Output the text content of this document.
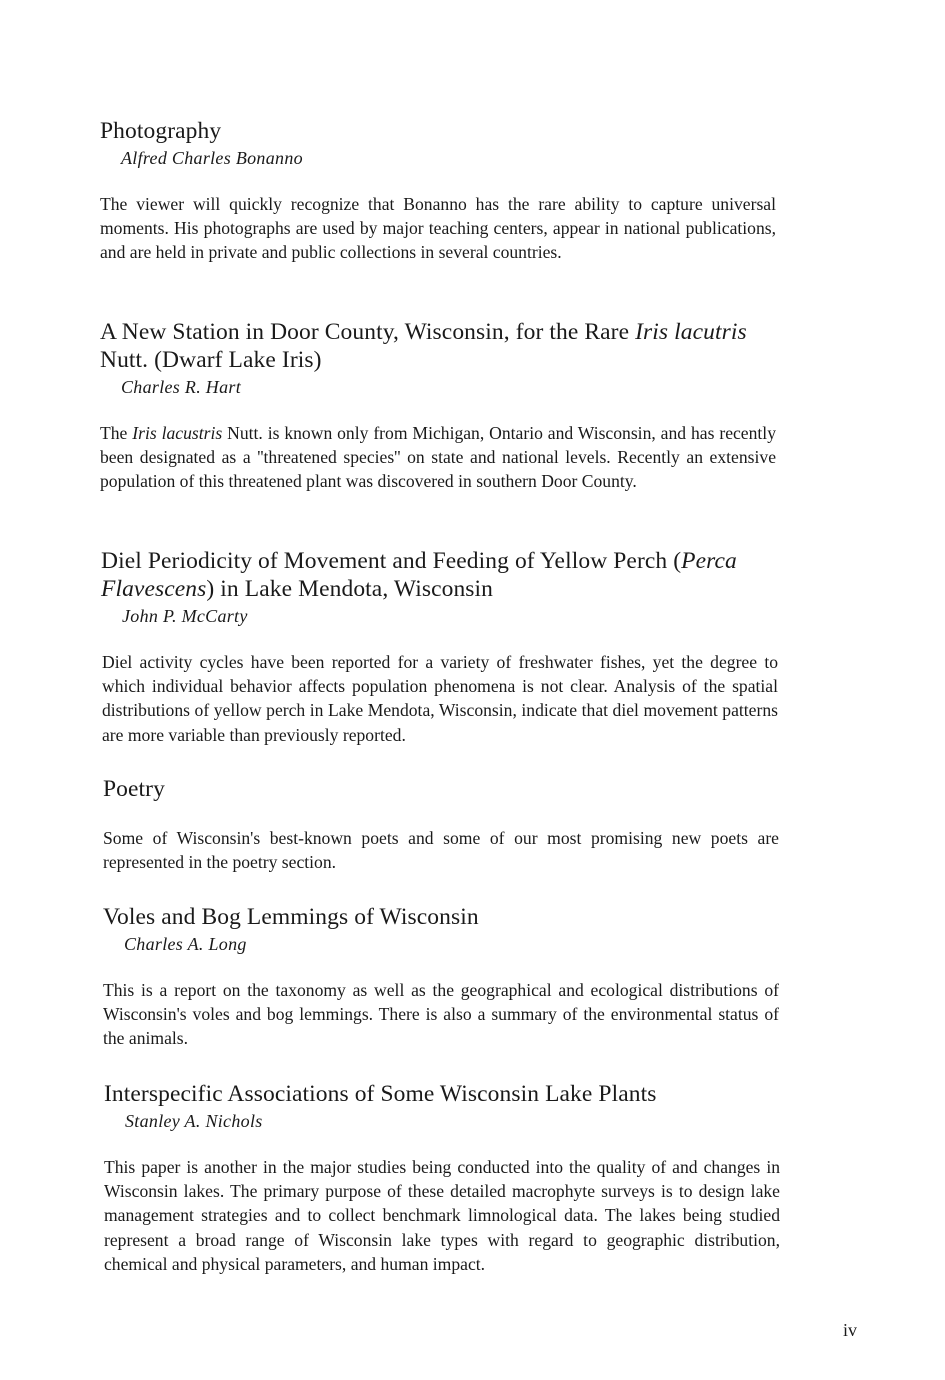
Photography
Alfred Charles Bonanno

The viewer will quickly recognize that Bonanno has the rare ability to capture universal moments. His photographs are used by major teaching centers, appear in national publications, and are held in private and public collections in several countries.

A New Station in Door County, Wisconsin, for the Rare Iris lacutris Nutt. (Dwarf Lake Iris)
Charles R. Hart

The Iris lacustris Nutt. is known only from Michigan, Ontario and Wisconsin, and has recently been designated as a ''threatened species'' on state and national levels. Recently an extensive population of this threatened plant was discovered in southern Door County.

Diel Periodicity of Movement and Feeding of Yellow Perch (Perca Flavescens) in Lake Mendota, Wisconsin
John P. McCarty

Diel activity cycles have been reported for a variety of freshwater fishes, yet the degree to which individual behavior affects population phenomena is not clear. Analysis of the spatial distributions of yellow perch in Lake Mendota, Wisconsin, indicate that diel movement patterns are more variable than previously reported.

Poetry

Some of Wisconsin's best-known poets and some of our most promising new poets are represented in the poetry section.

Voles and Bog Lemmings of Wisconsin
Charles A. Long

This is a report on the taxonomy as well as the geographical and ecological distributions of Wisconsin's voles and bog lemmings. There is also a summary of the environmental status of the animals.

Interspecific Associations of Some Wisconsin Lake Plants
Stanley A. Nichols

This paper is another in the major studies being conducted into the quality of and changes in Wisconsin lakes. The primary purpose of these detailed macrophyte surveys is to design lake management strategies and to collect benchmark limnological data. The lakes being studied represent a broad range of Wisconsin lake types with regard to geographic distribution, chemical and physical parameters, and human impact.

iv
